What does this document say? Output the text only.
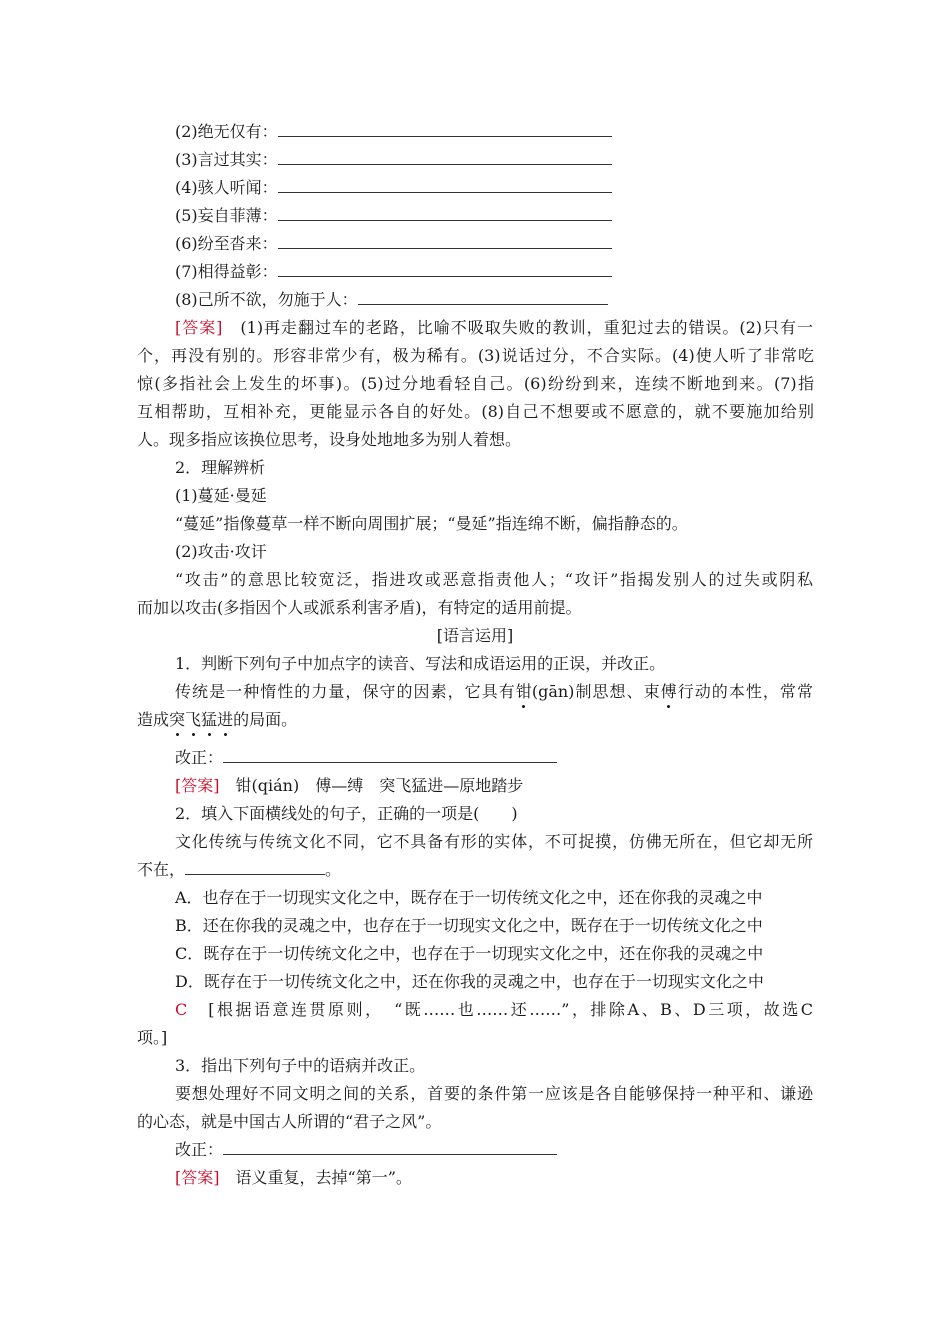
(2)绝无仅有：
(3)言过其实：
(4)骇人听闻：
(5)妄自菲薄：
(6)纷至沓来：
(7)相得益彰：
(8)己所不欲，勿施于人：
[答案]　 (1)再走翻过车的老路，比喻不吸取失败的教训，重犯过去的错误。(2)只有一
个，再没有别的。形容非常少有，极为稀有。(3)说话过分，不合实际。(4)使人听了非常吃
惊(多指社会上发生的坏事)。(5)过分地看轻自己。(6)纷纷到来，连续不断地到来。(7)指
互相帮助，互相补充，更能显示各自的好处。(8)自己不想要或不愿意的，就不要施加给别
人。现多指应该换位思考，设身处地地多为别人着想。
2．理解辨析
(1)蔓延·曼延
“蔓延”指像蔓草一样不断向周围扩展；“曼延”指连绵不断，偏指静态的。
(2)攻击·攻讦
“攻击”的意思比较宽泛，指进攻或恶意指责他人；“攻讦”指揭发别人的过失或阴私
而加以攻击(多指因个人或派系利害矛盾)，有特定的适用前提。
[语言运用]
1．判断下列句子中加点字的读音、写法和成语运用的正误，并改正。
传统是一种惰性的力量，保守的因素，它具有钳(gān)制思想、束傅行动的本性，常常
造成突飞猛进的局面。
改正：
[答案]　 钳(qián)　傅—缚　突飞猛进—原地踏步
2．填入下面横线处的句子，正确的一项是(　　)
文化传统与传统文化不同，它不具备有形的实体，不可捉摸，仿佛无所在，但它却无所
不在，	。
A．也存在于一切现实文化之中，既存在于一切传统文化之中，还在你我的灵魂之中
B．还在你我的灵魂之中，也存在于一切现实文化之中，既存在于一切传统文化之中
C．既存在于一切传统文化之中，也存在于一切现实文化之中，还在你我的灵魂之中
D．既存在于一切传统文化之中，还在你我的灵魂之中，也存在于一切现实文化之中
C　 [根据语意连贯原则，　“既……也……还……”，排除A、B、D三项，故选C
项。]
3．指出下列句子中的语病并改正。
要想处理好不同文明之间的关系，首要的条件第一应该是各自能够保持一种平和、谦逊
的心态，就是中国古人所谓的“君子之风”。
改正：
[答案]　 语义重复，去掉“第一”。
